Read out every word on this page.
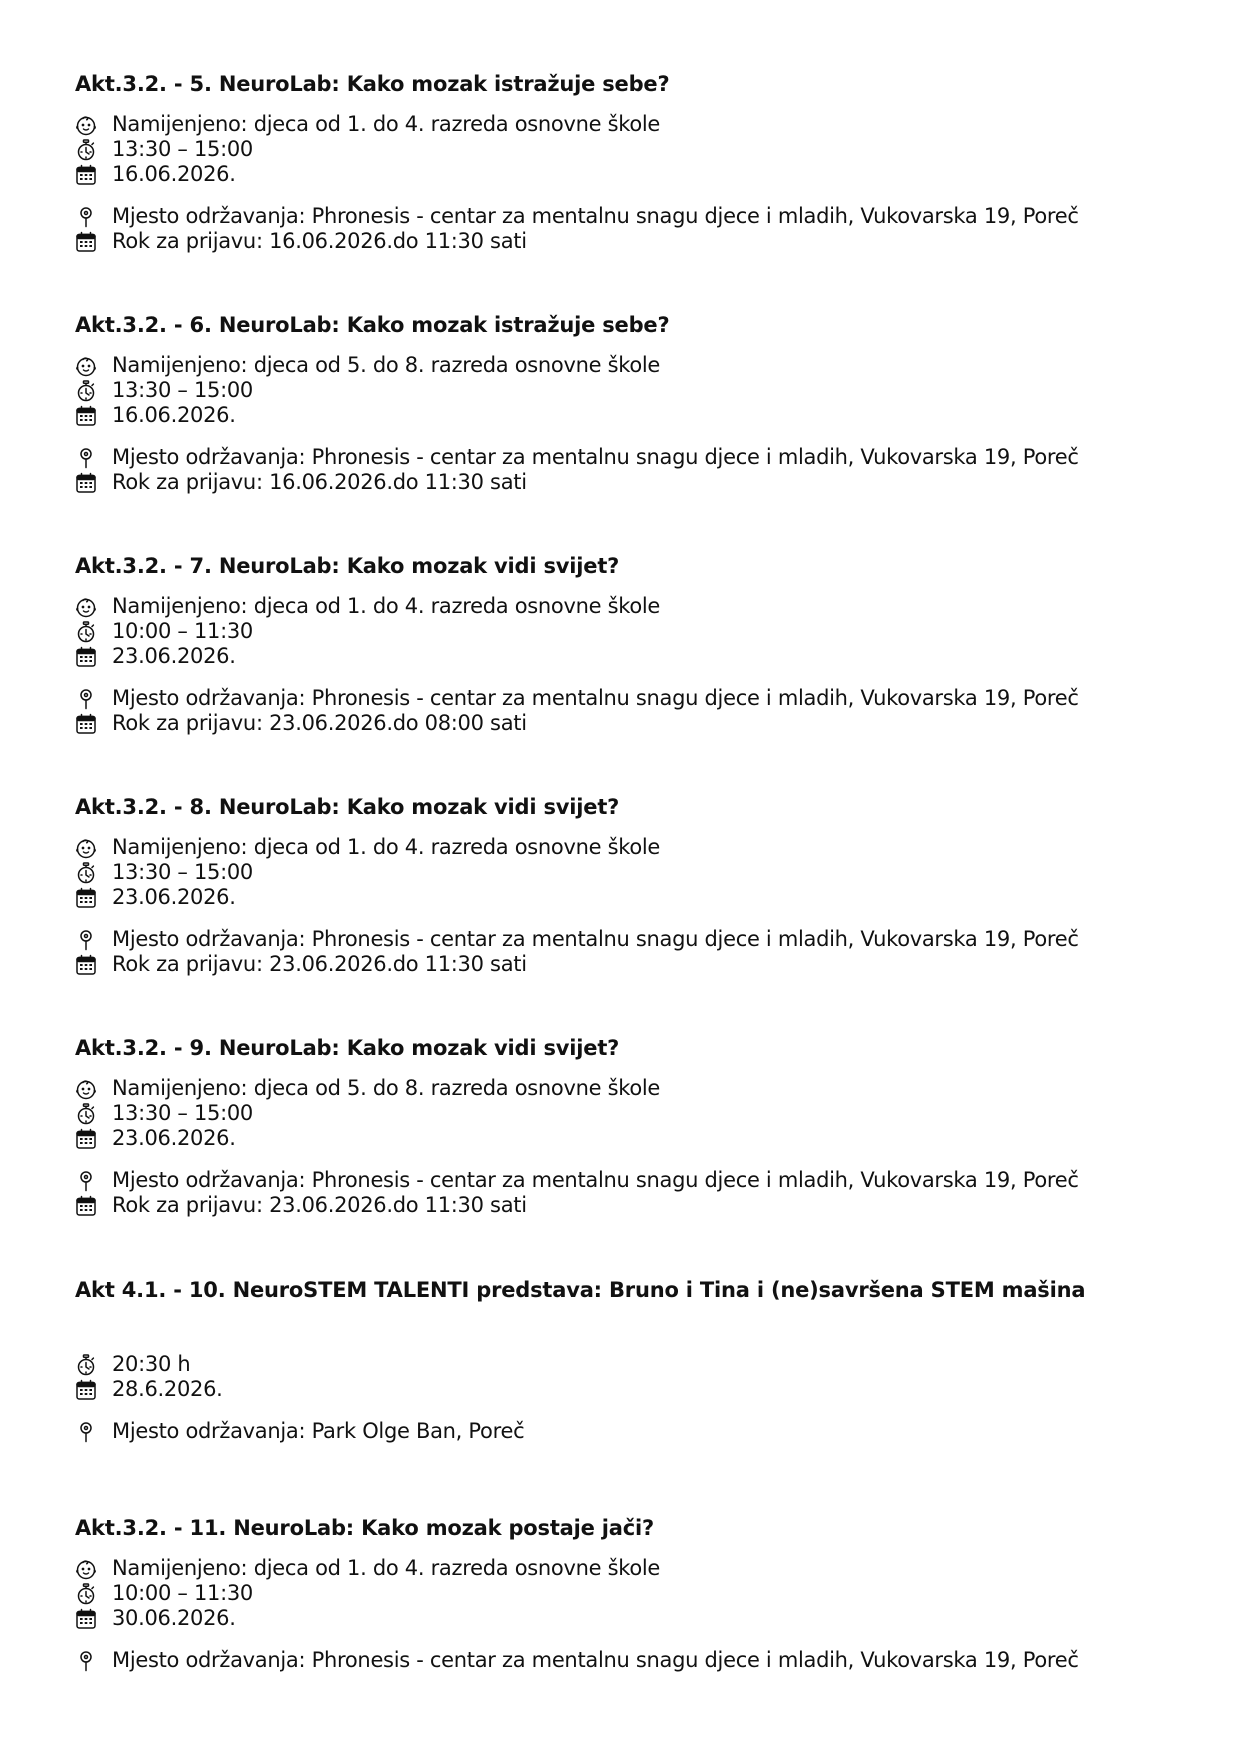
Akt.3.2. - 5. NeuroLab: Kako mozak istražuje sebe?
Namijenjeno: djeca od 1. do 4. razreda osnovne škole
13:30 – 15:00
16.06.2026.
Mjesto održavanja: Phronesis - centar za mentalnu snagu djece i mladih, Vukovarska 19, Poreč
Rok za prijavu: 16.06.2026.do 11:30 sati
Akt.3.2. - 6. NeuroLab: Kako mozak istražuje sebe?
Namijenjeno: djeca od 5. do 8. razreda osnovne škole
13:30 – 15:00
16.06.2026.
Mjesto održavanja: Phronesis - centar za mentalnu snagu djece i mladih, Vukovarska 19, Poreč
Rok za prijavu: 16.06.2026.do 11:30 sati
Akt.3.2. - 7. NeuroLab: Kako mozak vidi svijet?
Namijenjeno: djeca od 1. do 4. razreda osnovne škole
10:00 – 11:30
23.06.2026.
Mjesto održavanja: Phronesis - centar za mentalnu snagu djece i mladih, Vukovarska 19, Poreč
Rok za prijavu: 23.06.2026.do 08:00 sati
Akt.3.2. - 8. NeuroLab: Kako mozak vidi svijet?
Namijenjeno: djeca od 1. do 4. razreda osnovne škole
13:30 – 15:00
23.06.2026.
Mjesto održavanja: Phronesis - centar za mentalnu snagu djece i mladih, Vukovarska 19, Poreč
Rok za prijavu: 23.06.2026.do 11:30 sati
Akt.3.2. - 9. NeuroLab: Kako mozak vidi svijet?
Namijenjeno: djeca od 5. do 8. razreda osnovne škole
13:30 – 15:00
23.06.2026.
Mjesto održavanja: Phronesis - centar za mentalnu snagu djece i mladih, Vukovarska 19, Poreč
Rok za prijavu: 23.06.2026.do 11:30 sati
Akt 4.1. - 10. NeuroSTEM TALENTI predstava: Bruno i Tina i (ne)savršena STEM mašina
20:30 h
28.6.2026.
Mjesto održavanja: Park Olge Ban, Poreč
Akt.3.2. - 11. NeuroLab: Kako mozak postaje jači?
Namijenjeno: djeca od 1. do 4. razreda osnovne škole
10:00 – 11:30
30.06.2026.
Mjesto održavanja: Phronesis - centar za mentalnu snagu djece i mladih, Vukovarska 19, Poreč
